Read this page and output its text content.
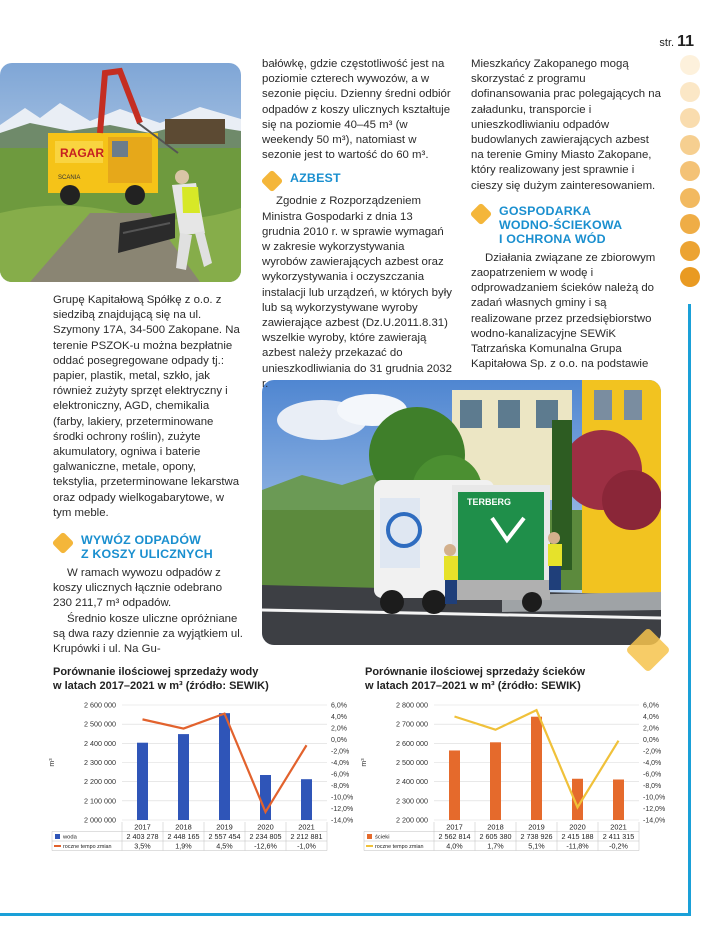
str. 11
RAGAR
SCANIA
TERBERG

Grupę Kapitałową Spółkę z o.o. z siedzibą znajdującą się na ul. Szymony 17A, 34-500 Zakopane. Na terenie PSZOK-u można bezpłatnie oddać posegregowane odpady tj.: papier, plastik, metal, szkło, jak również zużyty sprzęt elektryczny i elektroniczny, AGD, chemikalia (farby, lakiery, przeterminowane środki ochrony roślin), zużyte akumulatory, ogniwa i baterie galwaniczne, metale, opony, tekstylia, przeterminowane lekarstwa oraz odpady wielkogabarytowe, w tym meble.

WYWÓZ ODPADÓW
Z KOSZY ULICZNYCH

W ramach wywozu odpadów z koszy ulicznych łącznie odebrano 230 211,7 m³ odpadów.

Średnio kosze uliczne opróżniane są dwa razy dziennie za wyjątkiem ul. Krupówki i ul. Na Gu-

bałówkę, gdzie częstotliwość jest na poziomie czterech wywozów, a w sezonie pięciu. Dzienny średni odbiór odpadów z koszy ulicznych kształtuje się na poziomie 40–45 m³ (w weekendy 50 m³), natomiast w sezonie jest to wartość do 60 m³.

AZBEST

Zgodnie z Rozporządzeniem Ministra Gospodarki z dnia 13 grudnia 2010 r. w sprawie wymagań w zakresie wykorzystywania wyrobów zawierających azbest oraz wykorzystywania i oczyszczania instalacji lub urządzeń, w których były lub są wykorzystywane wyroby zawierające azbest (Dz.U.2011.8.31) wszelkie wyroby, które zawierają azbest należy przekazać do unieszkodliwiania do 31 grudnia 2032 r.

Mieszkańcy Zakopanego mogą skorzystać z programu dofinansowania prac polegających na załadunku, transporcie i unieszkodliwianiu odpadów budowlanych zawierających azbest na terenie Gminy Miasto Zakopane, który realizowany jest sprawnie i cieszy się dużym zainteresowaniem.

GOSPODARKA
WODNO-ŚCIEKOWA
I OCHRONA WÓD

Działania związane ze zbiorowym zaopatrzeniem w wodę i odprowadzaniem ścieków należą do zadań własnych gminy i są realizowane przez przedsiębiorstwo wodno-kanalizacyjne SEWiK Tatrzańska Komunalna Grupa Kapitałowa Sp. z o.o. na podstawie

Porównanie ilościowej sprzedaży wody
w latach 2017–2021 w m³ (źródło: SEWIK)
Porównanie ilościowej sprzedaży ścieków
w latach 2017–2021 w m³ (źródło: SEWIK)
2 600 000
2 500 000
2 400 000
2 300 000
2 200 000
2 100 000
2 000 000
6,0%
4,0%
2,0%
0,0%
-2,0%
-4,0%
-6,0%
-8,0%
-10,0%
-12,0%
-14,0%
m³
2017
2 403 278
3,5%
2018
2 448 165
1,9%
2019
2 557 454
4,5%
2020
2 234 805
-12,6%
2021
2 212 881
-1,0%
woda
roczne tempo zmian
2 800 000
2 700 000
2 600 000
2 500 000
2 400 000
2 300 000
2 200 000
6,0%
4,0%
2,0%
0,0%
-2,0%
-4,0%
-6,0%
-8,0%
-10,0%
-12,0%
-14,0%
m³
2017
2 562 814
4,0%
2018
2 605 380
1,7%
2019
2 738 926
5,1%
2020
2 415 188
-11,8%
2021
2 411 315
-0,2%
ścieki
roczne tempo zmian
